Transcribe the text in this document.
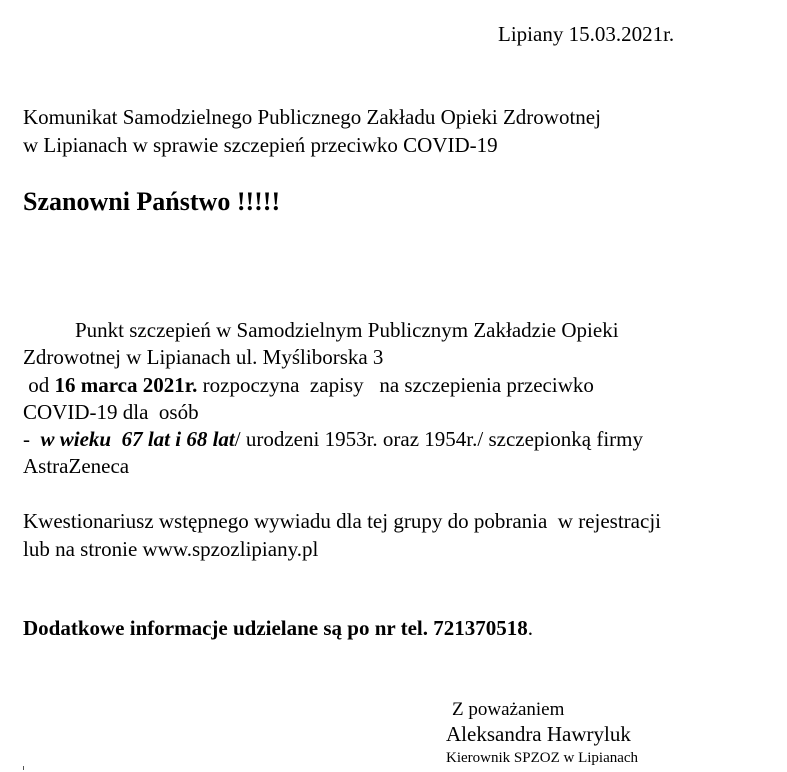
Lipiany 15.03.2021r.
Komunikat Samodzielnego Publicznego Zakładu Opieki Zdrowotnej
w Lipianach w sprawie szczepień przeciwko COVID-19
Szanowni Państwo !!!!!
Punkt szczepień w Samodzielnym Publicznym Zakładzie Opieki
Zdrowotnej w Lipianach ul. Myśliborska 3
od 16 marca 2021r. rozpoczyna  zapisy   na szczepienia przeciwko
COVID-19 dla  osób
-  w wieku  67 lat i 68 lat/ urodzeni 1953r. oraz 1954r./ szczepionką firmy
AstraZeneca
Kwestionariusz wstępnego wywiadu dla tej grupy do pobrania  w rejestracji
lub na stronie www.spzozlipiany.pl
Dodatkowe informacje udzielane są po nr tel. 721370518.
Z poważaniem
Aleksandra Hawryluk
Kierownik SPZOZ w Lipianach
